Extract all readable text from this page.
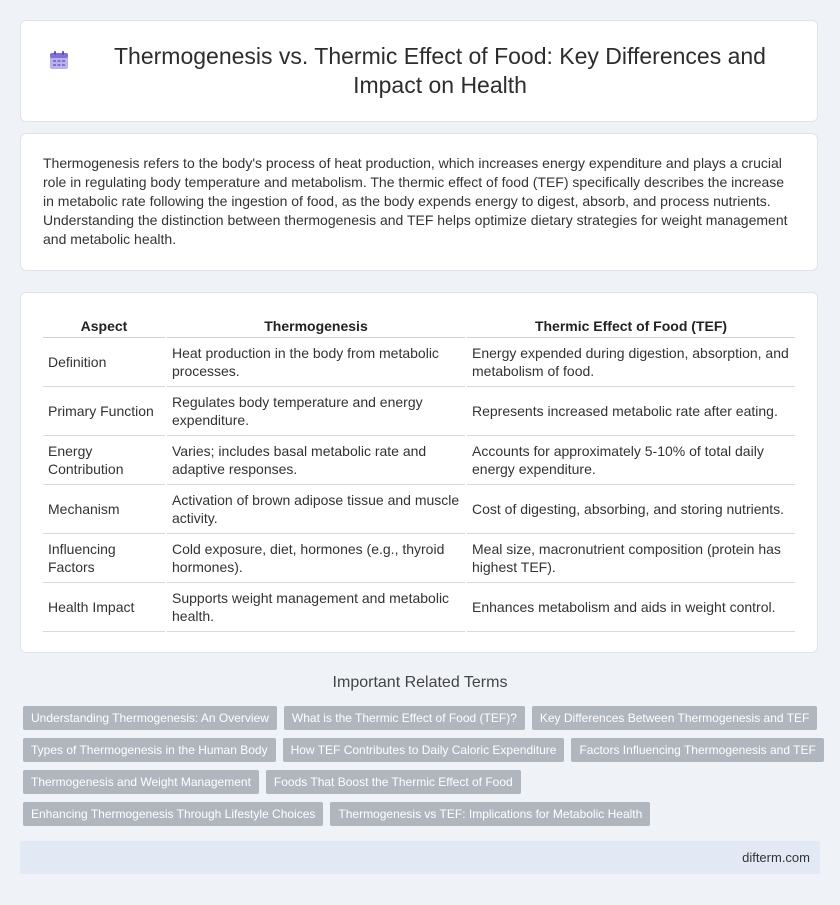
Thermogenesis vs. Thermic Effect of Food: Key Differences and Impact on Health

Thermogenesis refers to the body's process of heat production, which increases energy expenditure and plays a crucial role in regulating body temperature and metabolism. The thermic effect of food (TEF) specifically describes the increase in metabolic rate following the ingestion of food, as the body expends energy to digest, absorb, and process nutrients. Understanding the distinction between thermogenesis and TEF helps optimize dietary strategies for weight management and metabolic health.

Aspect	Thermogenesis	Thermic Effect of Food (TEF)
Definition	Heat production in the body from metabolic processes.	Energy expended during digestion, absorption, and metabolism of food.
Primary Function	Regulates body temperature and energy expenditure.	Represents increased metabolic rate after eating.
Energy Contribution	Varies; includes basal metabolic rate and adaptive responses.	Accounts for approximately 5-10% of total daily energy expenditure.
Mechanism	Activation of brown adipose tissue and muscle activity.	Cost of digesting, absorbing, and storing nutrients.
Influencing Factors	Cold exposure, diet, hormones (e.g., thyroid hormones).	Meal size, macronutrient composition (protein has highest TEF).
Health Impact	Supports weight management and metabolic health.	Enhances metabolism and aids in weight control.
Important Related Terms
Understanding Thermogenesis: An Overview	What is the Thermic Effect of Food (TEF)?	Key Differences Between Thermogenesis and TEF
Types of Thermogenesis in the Human Body	How TEF Contributes to Daily Caloric Expenditure	Factors Influencing Thermogenesis and TEF
Thermogenesis and Weight Management	Foods That Boost the Thermic Effect of Food
Enhancing Thermogenesis Through Lifestyle Choices	Thermogenesis vs TEF: Implications for Metabolic Health
difterm.com
